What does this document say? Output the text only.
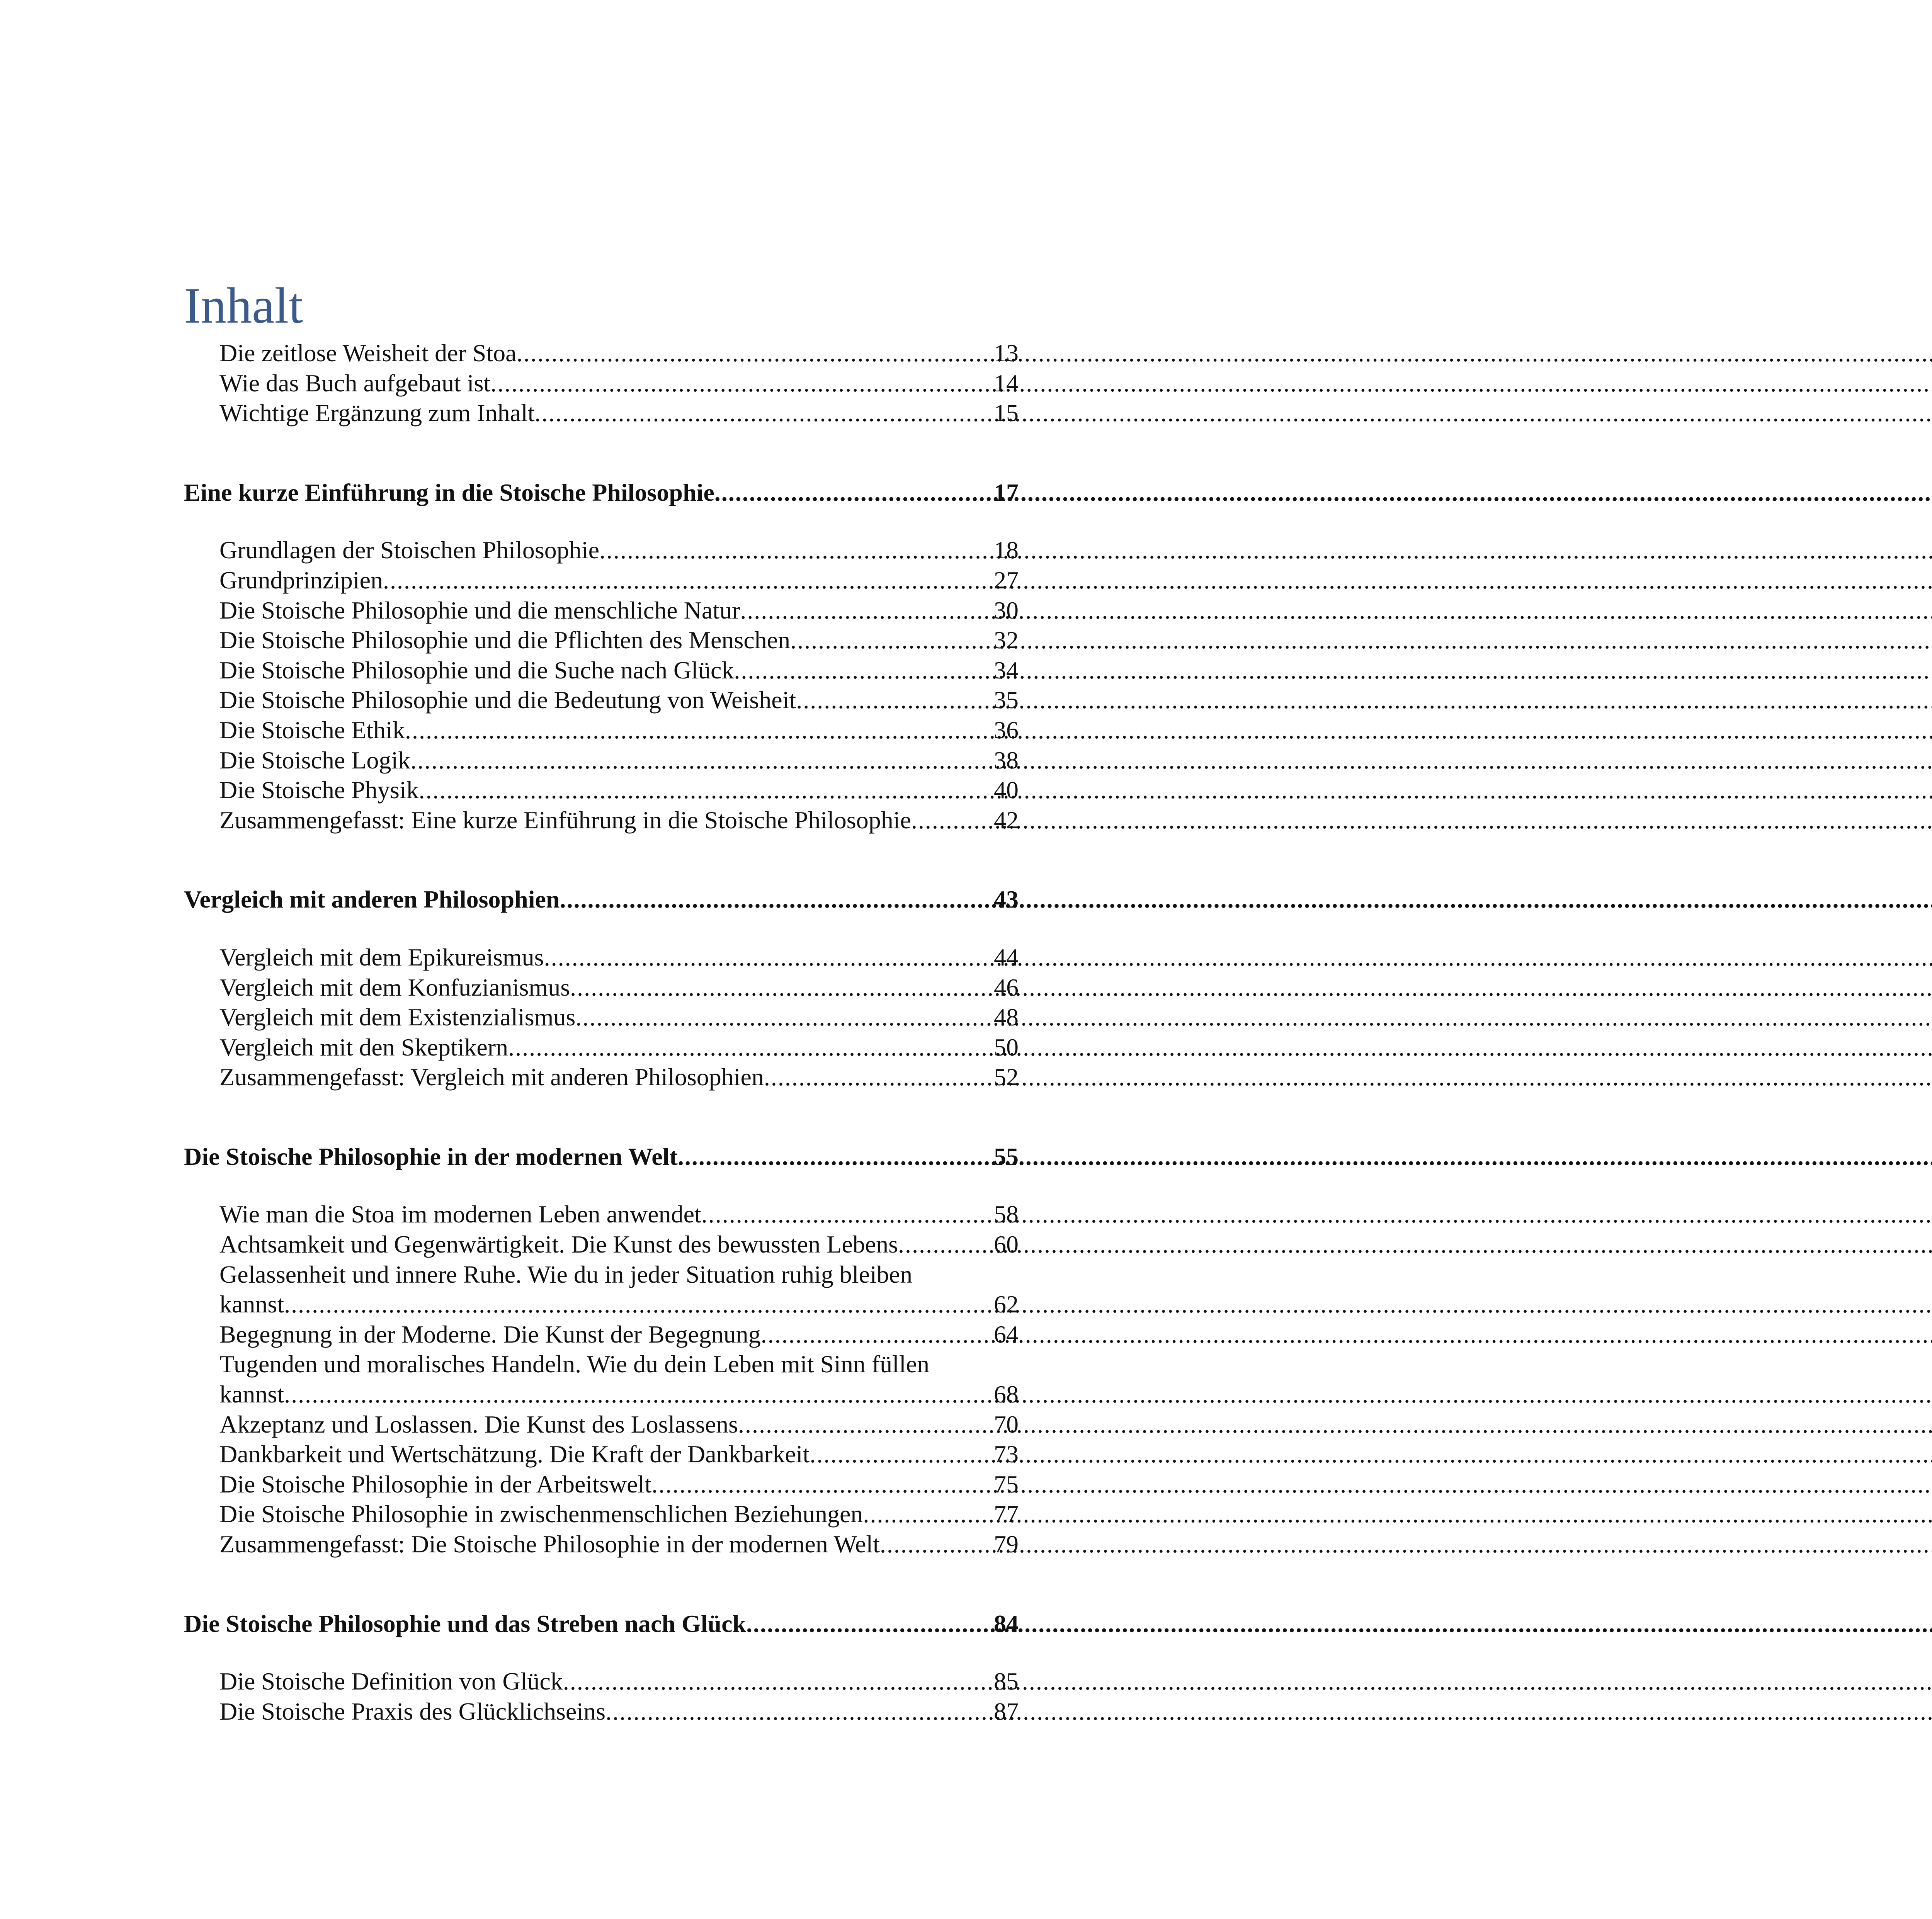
Inhalt
Die zeitlose Weisheit der Stoa .....	13
Wie das Buch aufgebaut ist .....	14
Wichtige Ergänzung zum Inhalt .....	15
Eine kurze Einführung in die Stoische Philosophie .....	17
Grundlagen der Stoischen Philosophie .....	18
Grundprinzipien .....	27
Die Stoische Philosophie und die menschliche Natur .....	30
Die Stoische Philosophie und die Pflichten des Menschen .....	32
Die Stoische Philosophie und die Suche nach Glück .....	34
Die Stoische Philosophie und die Bedeutung von Weisheit .....	35
Die Stoische Ethik .....	36
Die Stoische Logik .....	38
Die Stoische Physik .....	40
Zusammengefasst: Eine kurze Einführung in die Stoische Philosophie .....	42
Vergleich mit anderen Philosophien .....	43
Vergleich mit dem Epikureismus .....	44
Vergleich mit dem Konfuzianismus .....	46
Vergleich mit dem Existenzialismus .....	48
Vergleich mit den Skeptikern .....	50
Zusammengefasst: Vergleich mit anderen Philosophien .....	52
Die Stoische Philosophie in der modernen Welt .....	55
Wie man die Stoa im modernen Leben anwendet .....	58
Achtsamkeit und Gegenwärtigkeit. Die Kunst des bewussten Lebens .....	60
Gelassenheit und innere Ruhe. Wie du in jeder Situation ruhig bleiben
kannst .....	62
Begegnung in der Moderne. Die Kunst der Begegnung .....	64
Tugenden und moralisches Handeln. Wie du dein Leben mit Sinn füllen
kannst .....	68
Akzeptanz und Loslassen. Die Kunst des Loslassens .....	70
Dankbarkeit und Wertschätzung. Die Kraft der Dankbarkeit .....	73
Die Stoische Philosophie in der Arbeitswelt .....	75
Die Stoische Philosophie in zwischenmenschlichen Beziehungen .....	77
Zusammengefasst: Die Stoische Philosophie in der modernen Welt .....	79
Die Stoische Philosophie und das Streben nach Glück .....	84
Die Stoische Definition von Glück .....	85
Die Stoische Praxis des Glücklichseins .....	87
